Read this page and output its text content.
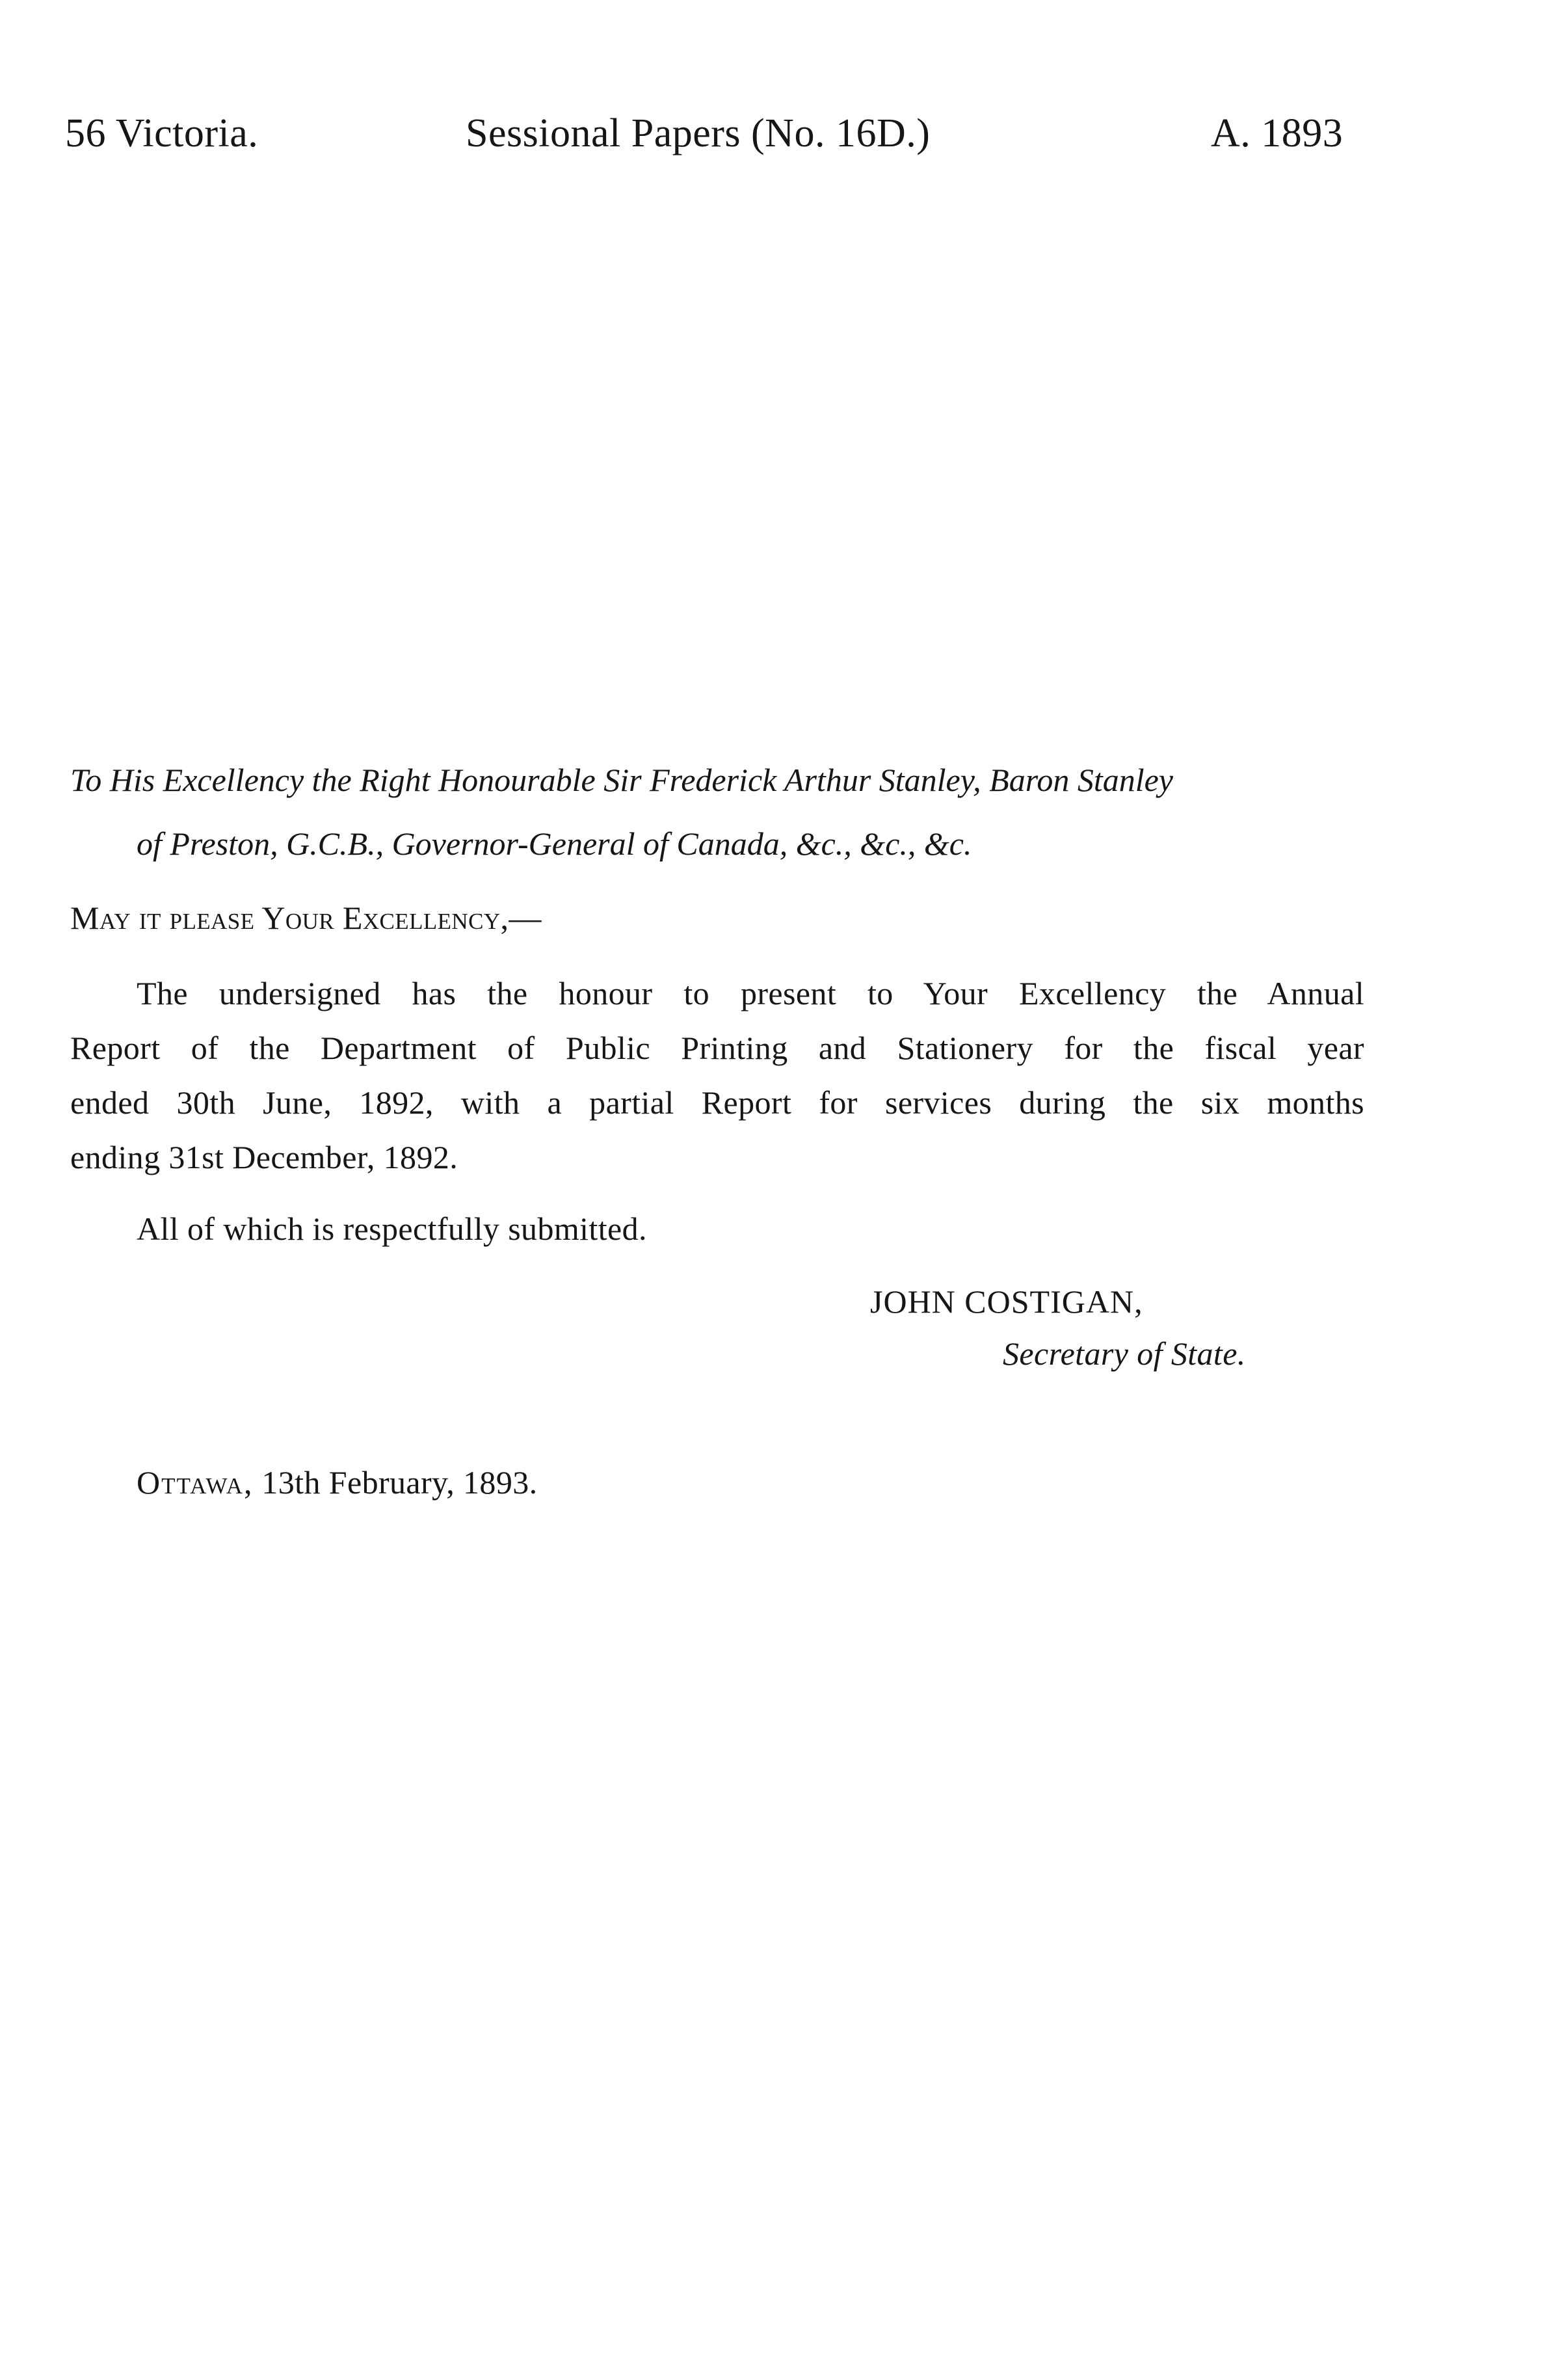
56 Victoria.	Sessional Papers (No. 16D.)	A. 1893
To His Excellency the Right Honourable Sir Frederick Arthur Stanley, Baron Stanley
of Preston, G.C.B., Governor-General of Canada, &c., &c., &c.
May it please Your Excellency,—
The undersigned has the honour to present to Your Excellency the Annual
Report of the Department of Public Printing and Stationery for the fiscal year
ended 30th June, 1892, with a partial Report for services during the six months
ending 31st December, 1892.
All of which is respectfully submitted.
JOHN COSTIGAN,
Secretary of State.
Ottawa, 13th February, 1893.
